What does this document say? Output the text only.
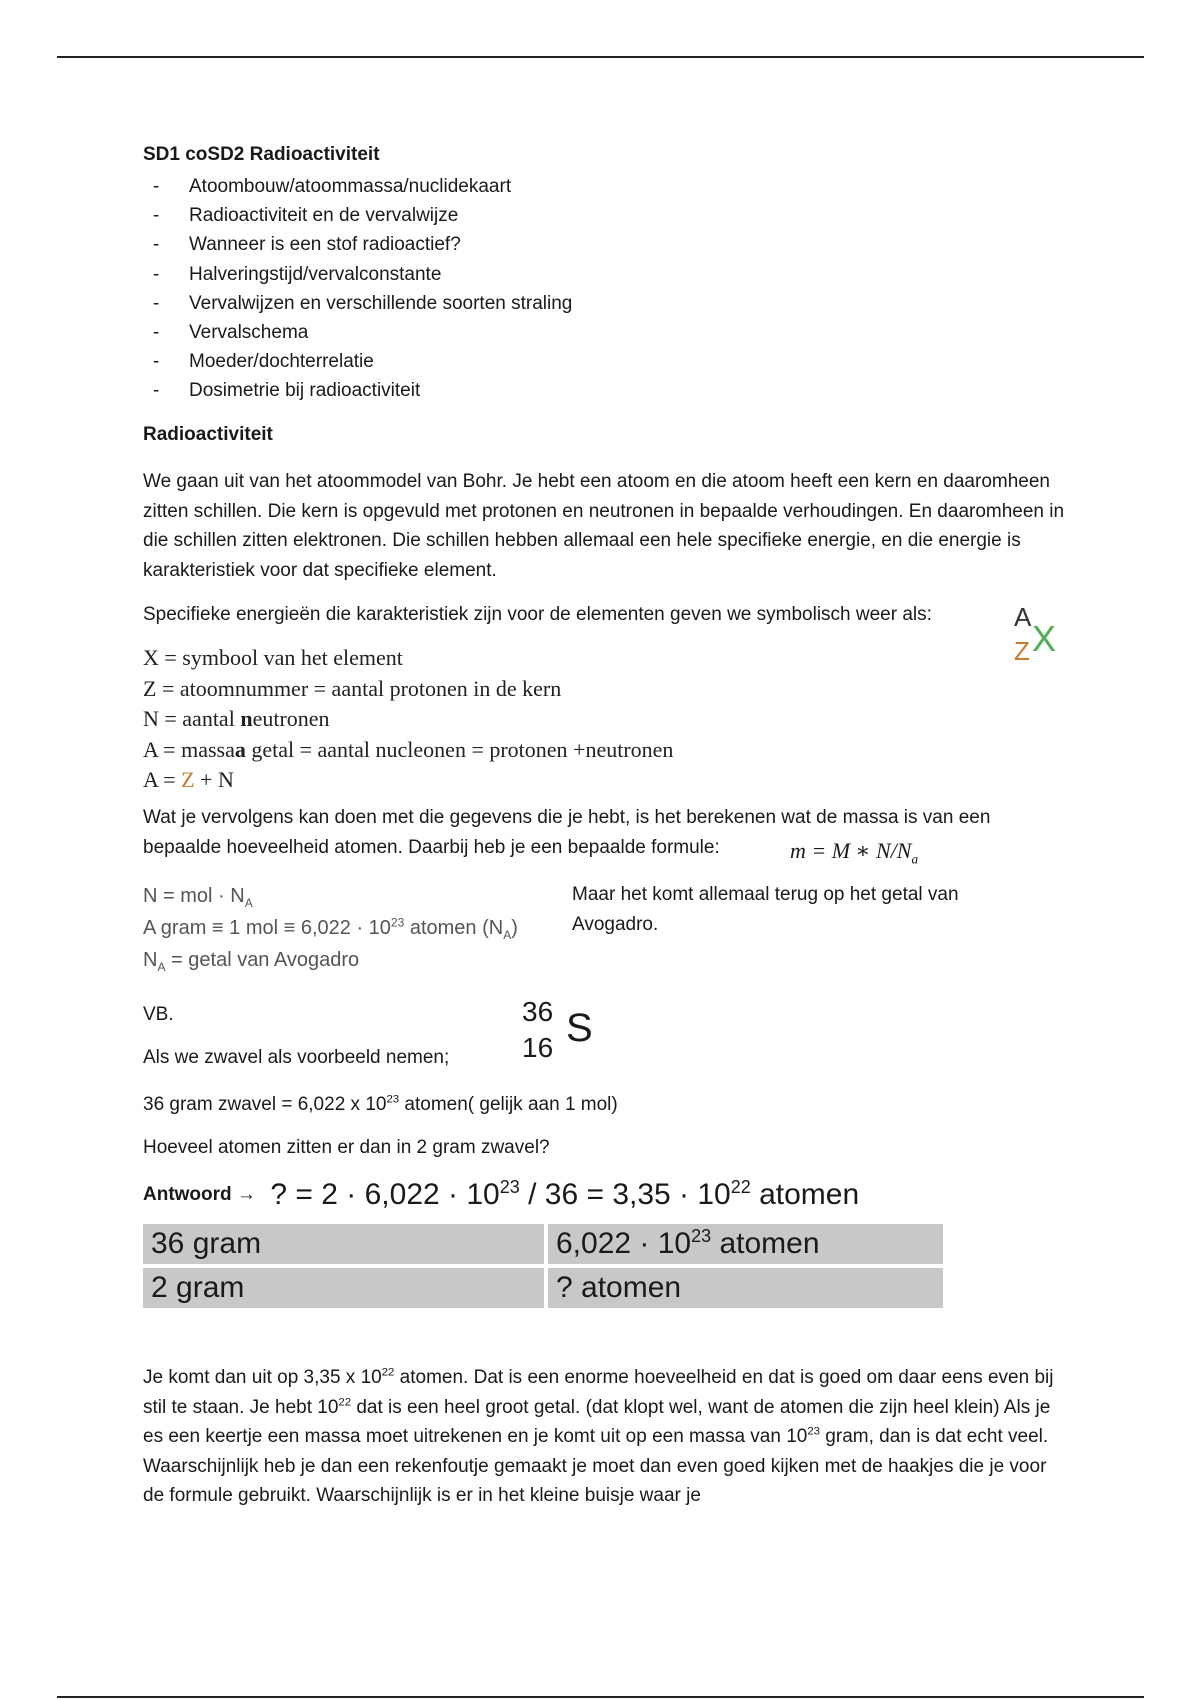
SD1 coSD2 Radioactiviteit
- Atoombouw/atoommassa/nuclidekaart
- Radioactiviteit en de vervalwijze
- Wanneer is een stof radioactief?
- Halveringstijd/vervalconstante
- Vervalwijzen en verschillende soorten straling
- Vervalschema
- Moeder/dochterrelatie
- Dosimetrie bij radioactiviteit
Radioactiviteit
We gaan uit van het atoommodel van Bohr. Je hebt een atoom en die atoom heeft een kern en daaromheen zitten schillen. Die kern is opgevuld met protonen en neutronen in bepaalde verhoudingen. En daaromheen in die schillen zitten elektronen. Die schillen hebben allemaal een hele specifieke energie, en die energie is karakteristiek voor dat specifieke element.
Specifieke energieën die karakteristiek zijn voor de elementen geven we symbolisch weer als:	A
Z X
X = symbool van het element
Z = atoomnummer = aantal protonen in de kern
N = aantal neutronen
A = massaa getal = aantal nucleonen = protonen +neutronen
A = Z + N
Wat je vervolgens kan doen met die gegevens die je hebt, is het berekenen wat de massa is van een bepaalde hoeveelheid atomen. Daarbij heb je een bepaalde formule:	m = M ∗ $N/N_a$
N = mol · $N_A$
A gram ≡ 1 mol ≡ $6,022 \cdot 10^{23}$ atomen $(N_A)$
$N_A$ = getal van Avogadro
Maar het komt allemaal terug op het getal van Avogadro.
VB.	36
16 S
Als we zwavel als voorbeeld nemen;
36 gram zwavel = 6,022 x $10^{23}$ atomen( gelijk aan 1 mol)
Hoeveel atomen zitten er dan in 2 gram zwavel?
Antwoord → ? = $2 \cdot 6,022 \cdot 10^{23} / 36 = 3,35 \cdot 10^{22}$ atomen
36 gram	$6,022 \cdot 10^{23}$ atomen
2 gram	? atomen
Je komt dan uit op 3,35 x $10^{22}$ atomen. Dat is een enorme hoeveelheid en dat is goed om daar eens even bij stil te staan. Je hebt $10^{22}$ dat is een heel groot getal. (dat klopt wel, want de atomen die zijn heel klein) Als je es een keertje een massa moet uitrekenen en je komt uit op een massa van $10^{23}$ gram, dan is dat echt veel. Waarschijnlijk heb je dan een rekenfoutje gemaakt je moet dan even goed kijken met de haakjes die je voor de formule gebruikt. Waarschijnlijk is er in het kleine buisje waar je
